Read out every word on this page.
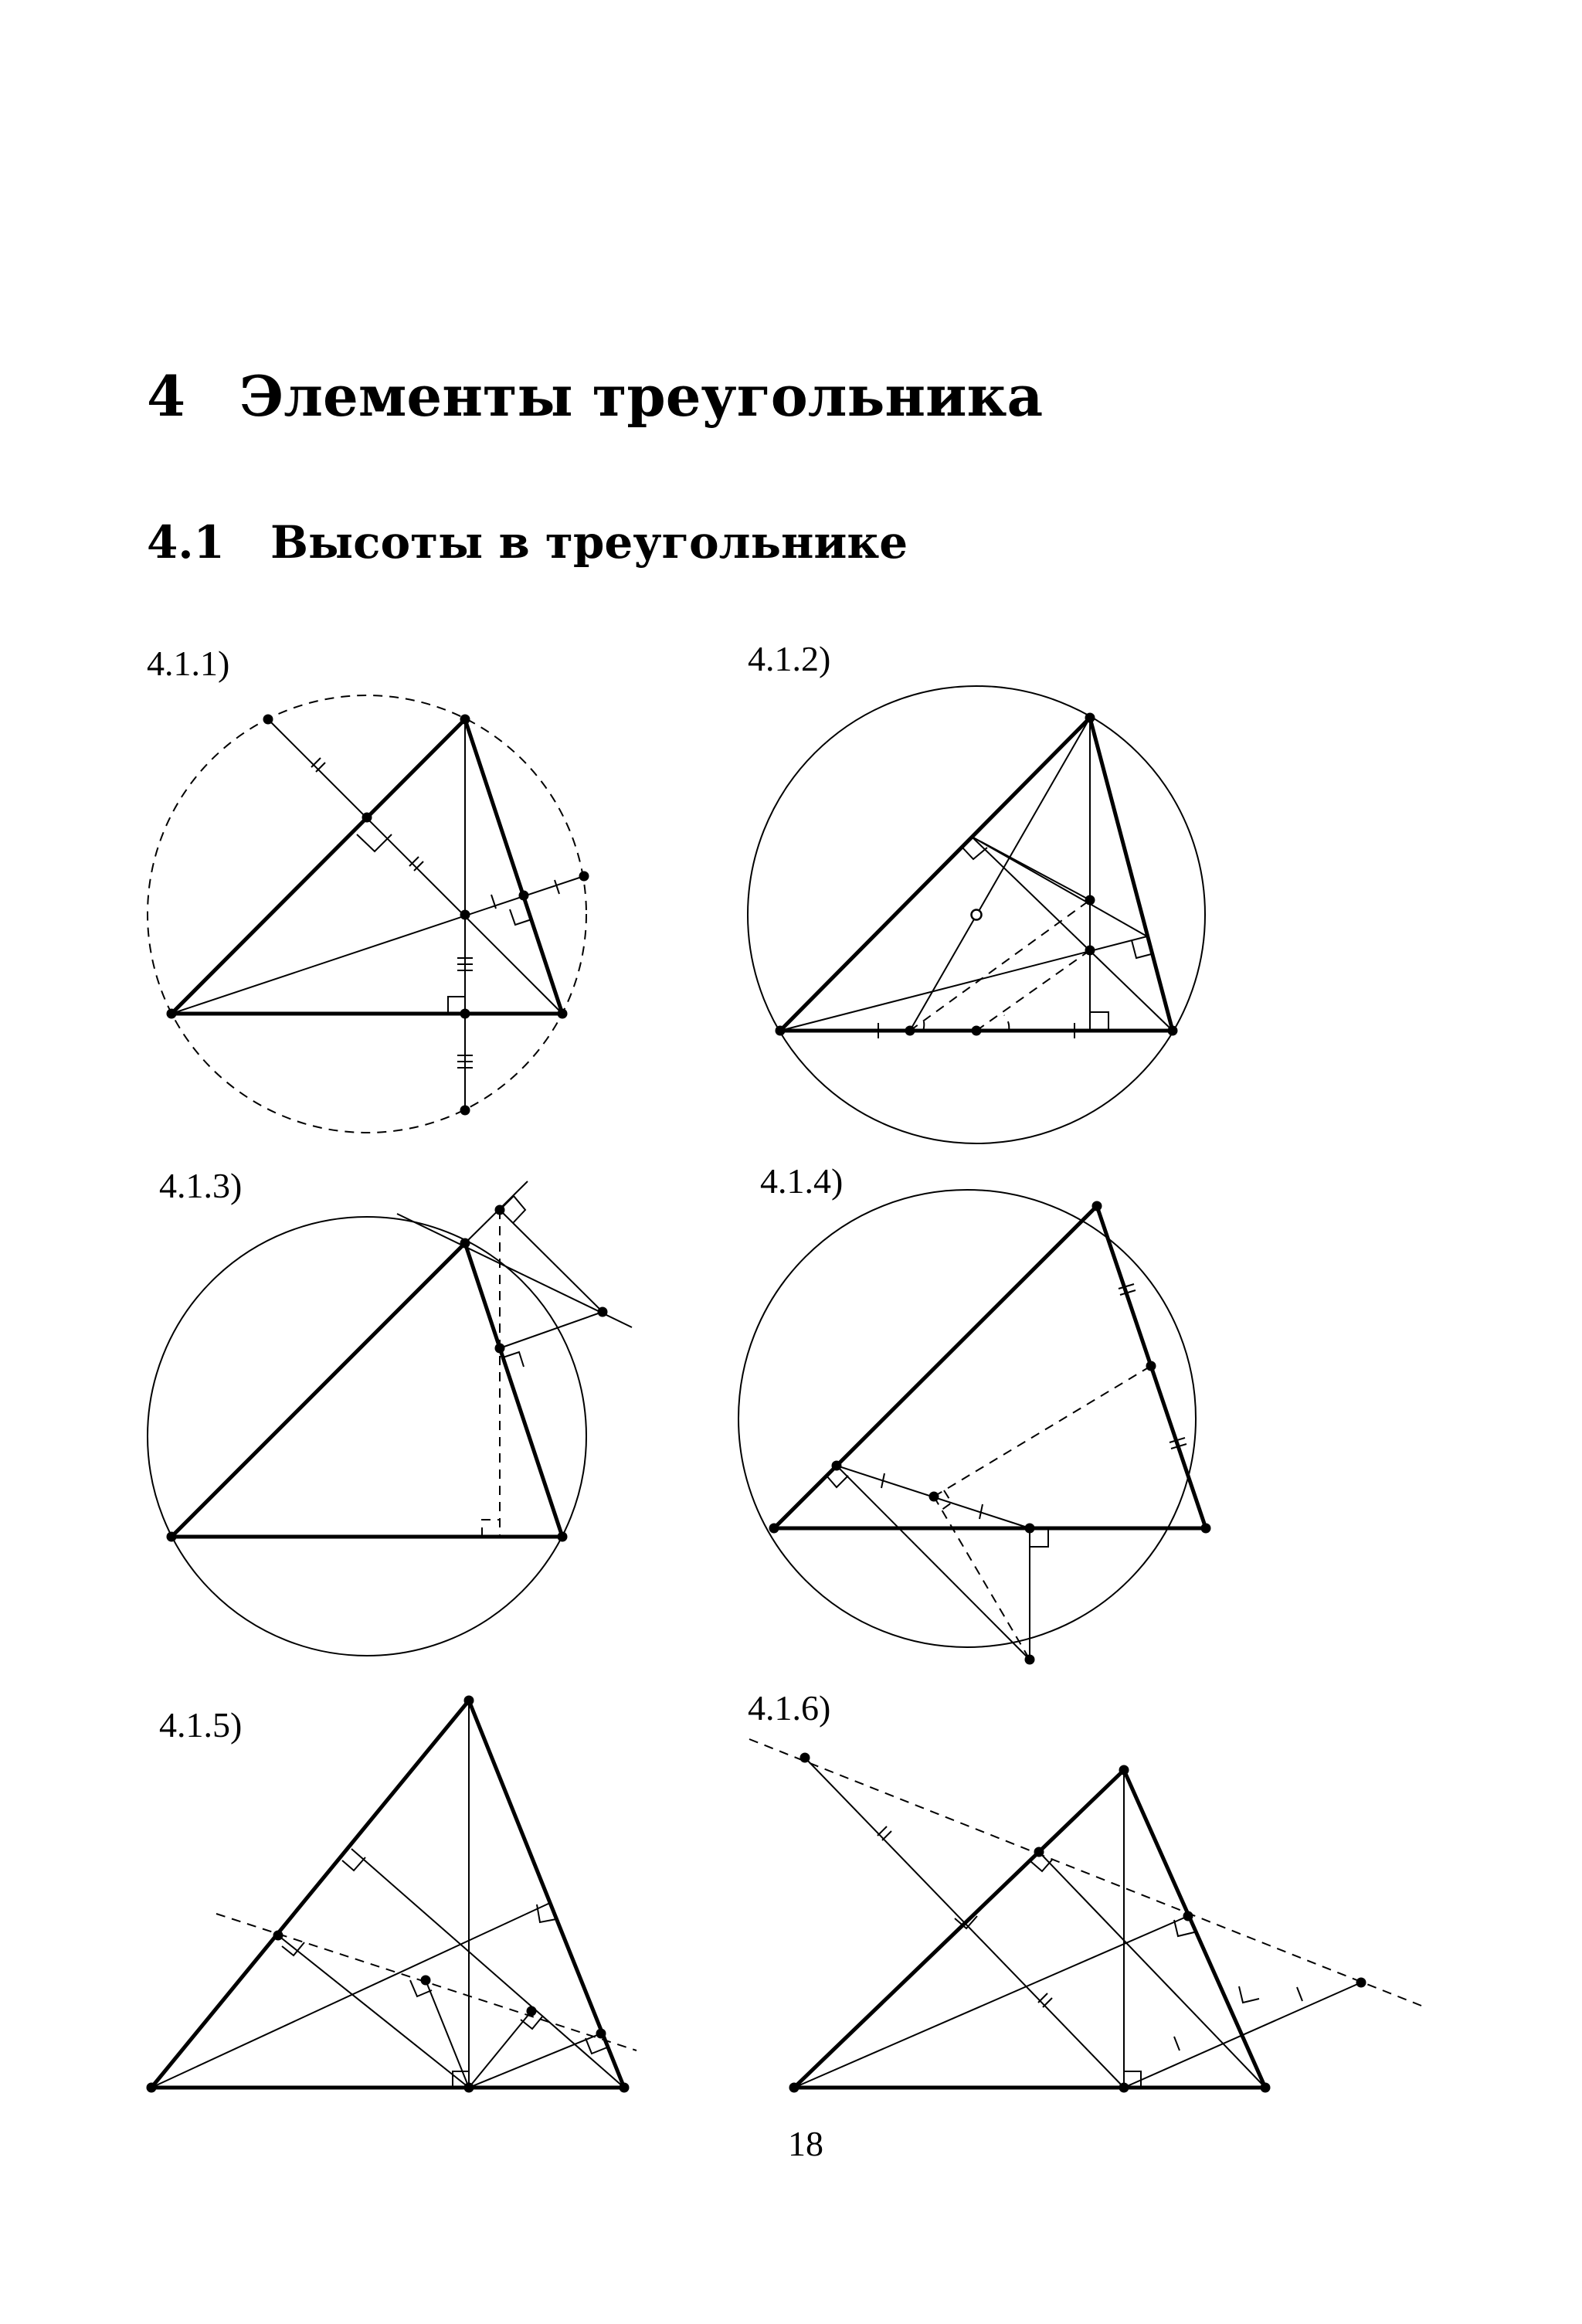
4 Элементы треугольника
4.1 Высоты в треугольнике
4.1.1)	4.1.2)
4.1.3)	4.1.4)
4.1.5)	4.1.6)
18
